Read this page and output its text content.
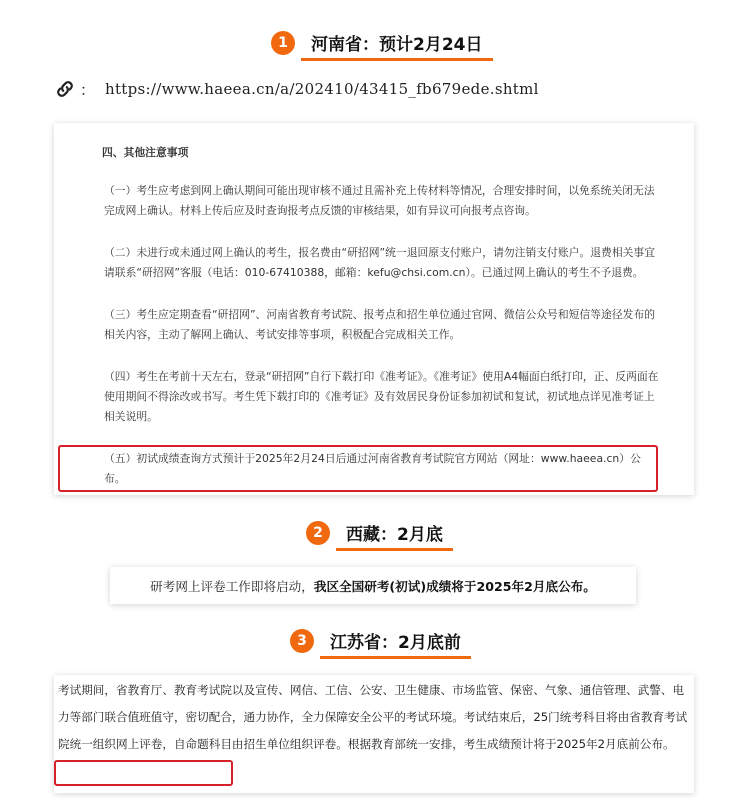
1	河南省：预计2月24日
： https://www.haeea.cn/a/202410/43415_fb679ede.shtml
四、其他注意事项

（一）考生应考虑到网上确认期间可能出现审核不通过且需补充上传材料等情况，合理安排时间，以免系统关闭无法完成网上确认。材料上传后应及时查询报考点反馈的审核结果，如有异议可向报考点咨询。

（二）未进行或未通过网上确认的考生，报名费由“研招网”统一退回原支付账户，请勿注销支付账户。退费相关事宜请联系“研招网”客服（电话：010-67410388，邮箱：kefu@chsi.com.cn）。已通过网上确认的考生不予退费。

（三）考生应定期查看“研招网”、河南省教育考试院、报考点和招生单位通过官网、微信公众号和短信等途径发布的相关内容，主动了解网上确认、考试安排等事项，积极配合完成相关工作。

（四）考生在考前十天左右，登录“研招网”自行下载打印《准考证》。《准考证》使用A4幅面白纸打印，正、反两面在使用期间不得涂改或书写。考生凭下载打印的《准考证》及有效居民身份证参加初试和复试，初试地点详见准考证上相关说明。

（五）初试成绩查询方式预计于2025年2月24日后通过河南省教育考试院官方网站（网址：www.haeea.cn）公布。

2	西藏：2月底
研考网上评卷工作即将启动， 我区全国研考(初试)成绩将于2025年2月底公布。
3	江苏省：2月底前
考试期间，省教育厅、教育考试院以及宣传、网信、工信、公安、卫生健康、市场监管、保密、气象、通信管理、武警、电力等部门联合值班值守，密切配合，通力协作，全力保障安全公平的考试环境。考试结束后，25门统考科目将由省教育考试院统一组织网上评卷，自命题科目由招生单位组织评卷。根据教育部统一安排，考生成绩预计将于2025年2月底前公布。
